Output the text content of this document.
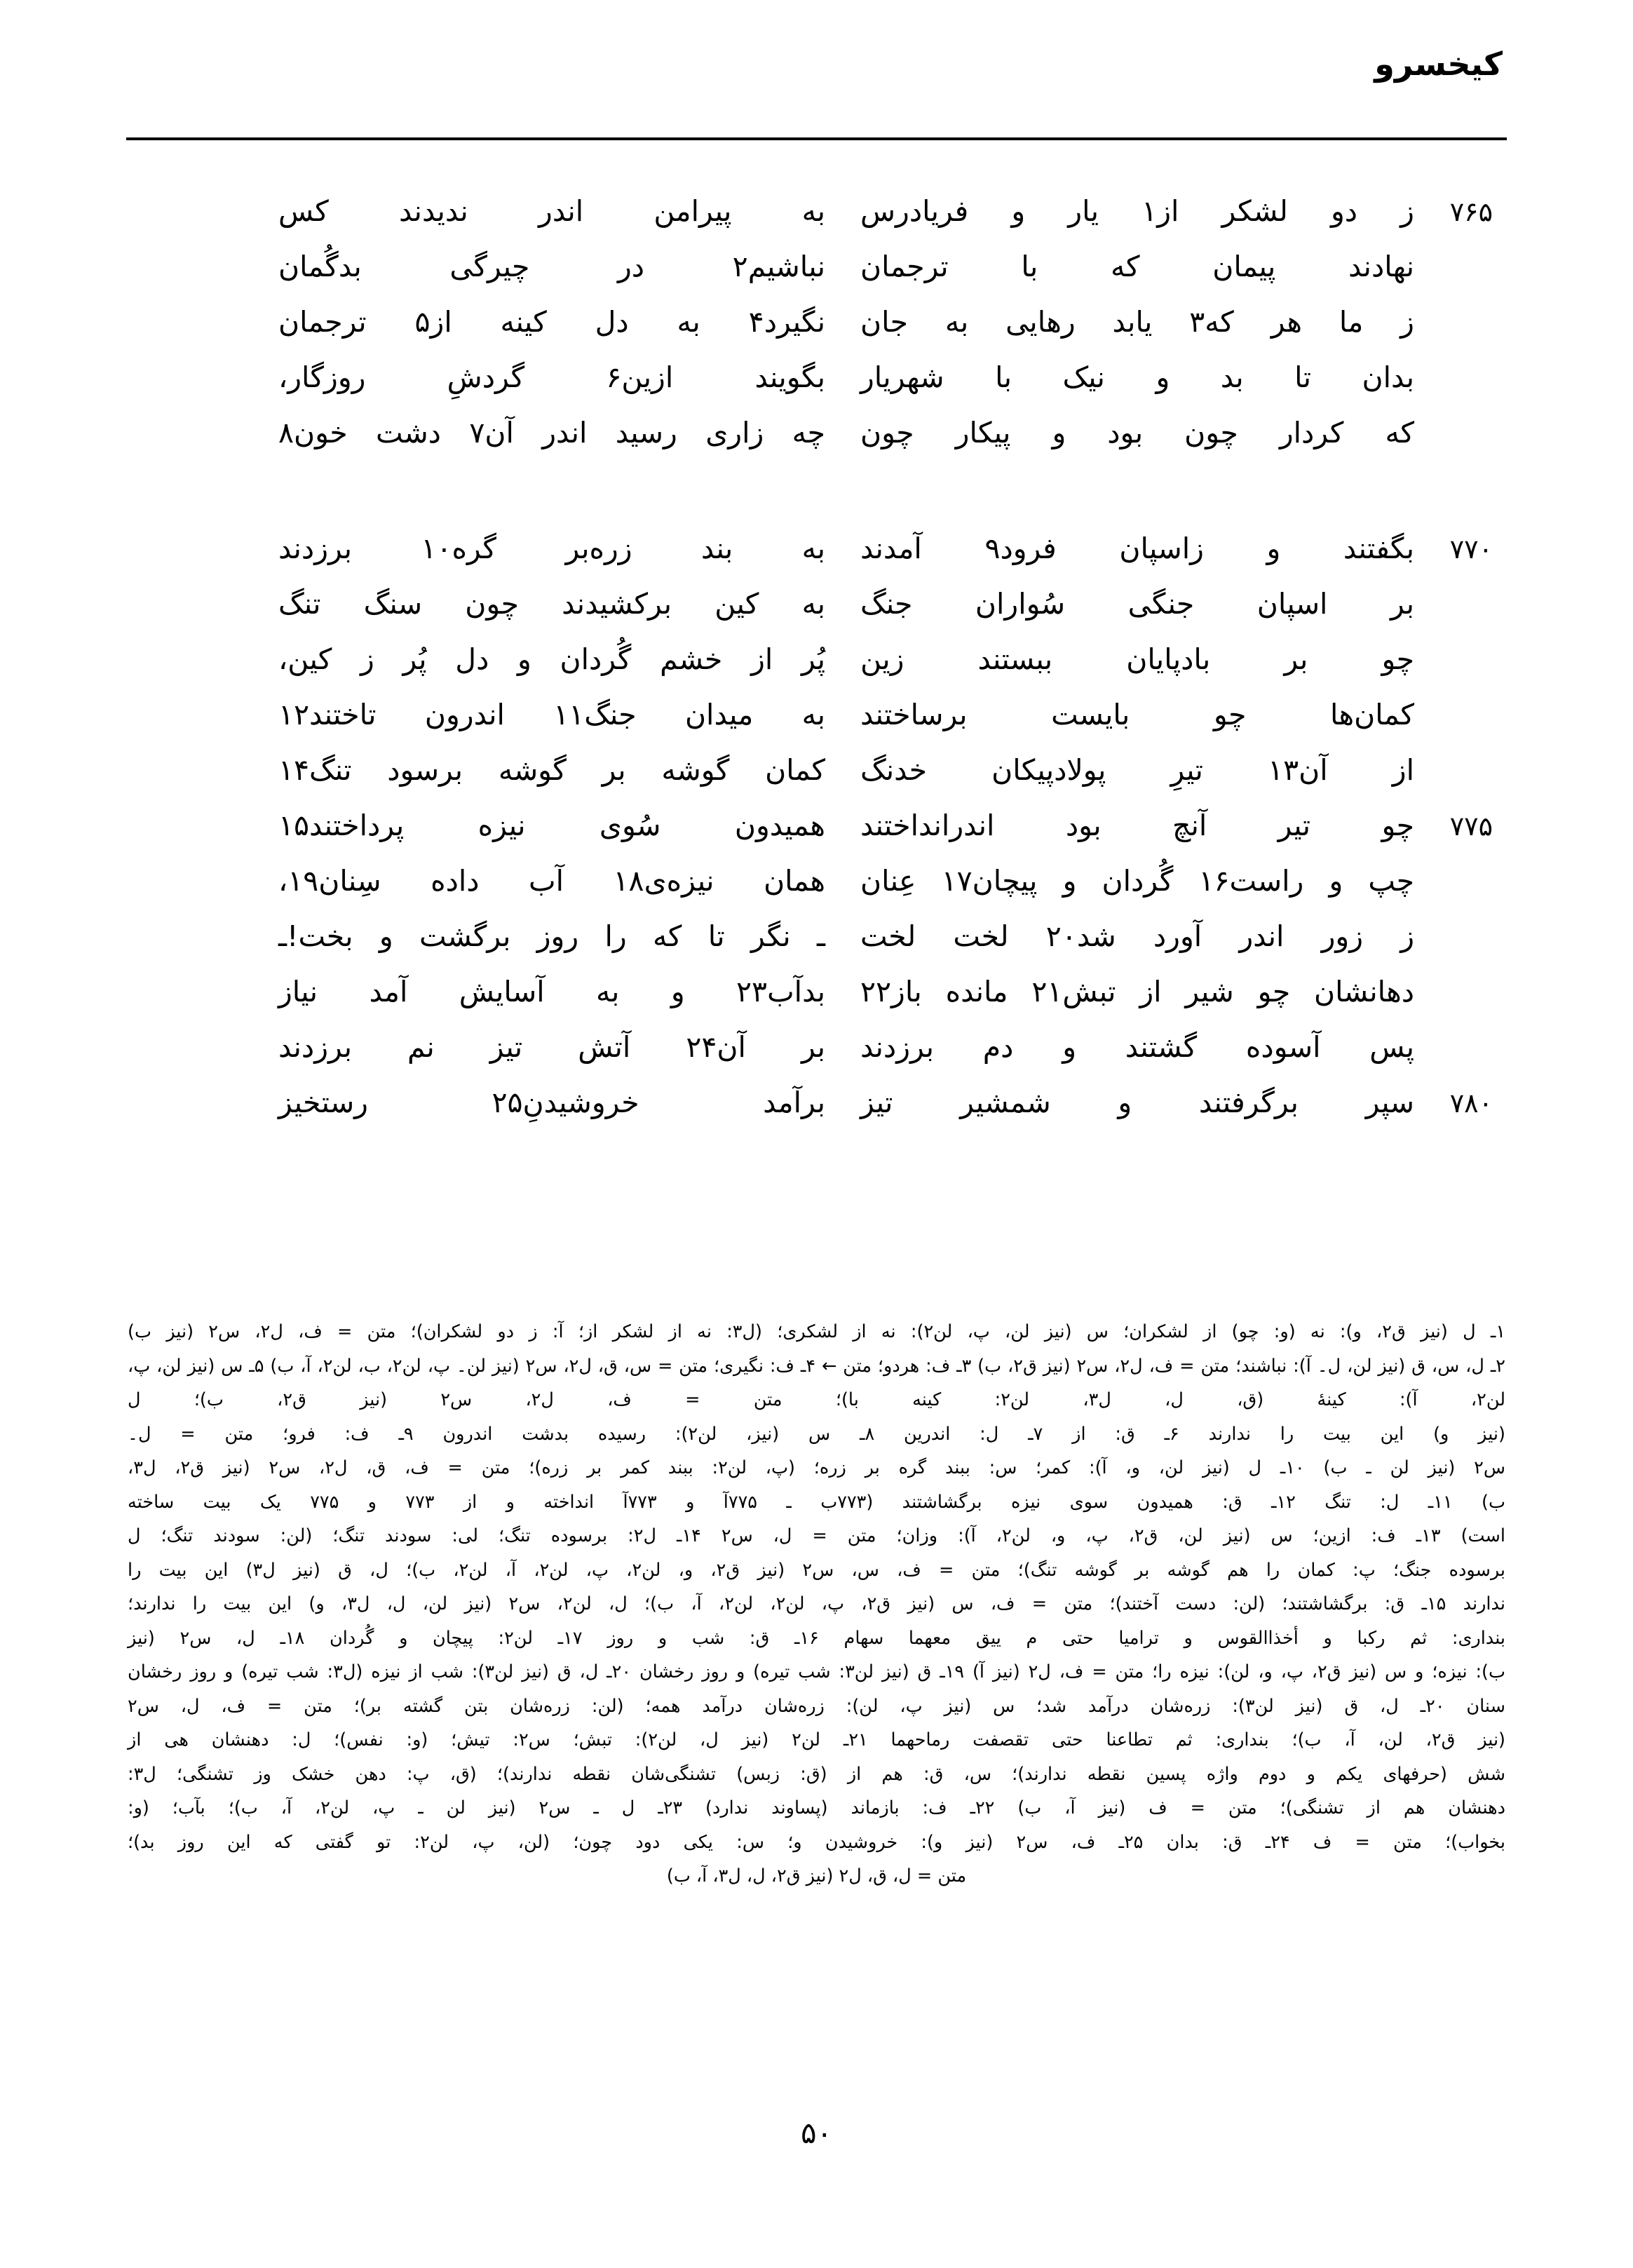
کیخسرو
۷۶۵
ز دو لشکر از۱ یار و فریادرس
به پیرامن اندر ندیدند کس
نهادند پیمان که با ترجمان
نباشیم۲ در چیرگی بدگُمان
ز ما هر که۳ یابد رهایی به جان
نگیرد۴ به دل کینه از۵ ترجمان
بدان تا بد و نیک با شهریار
بگویند ازین۶ گردشِ روزگار،
که کردار چون بود و پیکار چون
چه زاری رسید اندر آن۷ دشت خون۸
۷۷۰
بگفتند و زاسپان فرود۹ آمدند
به بند زره‌بر گره۱۰ برزدند
بر اسپان جنگی سُواران جنگ
به کین برکشیدند چون سنگ تنگ
چو بر بادپایان ببستند زین
پُر از خشم گُردان و دل پُر ز کین،
کمان‌ها چو بایست برساختند
به میدان جنگ۱۱ اندرون تاختند۱۲
از آن۱۳ تیرِ پولادپیکان خدنگ
کمان گوشه بر گوشه برسود تنگ۱۴
۷۷۵
چو تیر آنچ بود اندرانداختند
همیدون سُوی نیزه پرداختند۱۵
چپ و راست۱۶ گُردان و پیچان۱۷ عِنان
همان نیزه‌ی۱۸ آب داده سِنان۱۹،
ز زور اندر آورد شد۲۰ لخت لخت
ـ نگر تا که را روز برگشت و بخت!ـ
دهانشان چو شیر از تبش۲۱ مانده باز۲۲
بدآب۲۳ و به آسایش آمد نیاز
پس آسوده گشتند و دم برزدند
بر آن۲۴ آتش تیز نم برزدند
۷۸۰
سپر برگرفتند و شمشیر تیز
برآمد خروشیدنِ۲۵ رستخیز

۱ـ ل (نیز ق۲، و): نه (و: چو) از لشکران؛ س (نیز لن، پ، لن۲): نه از لشکری؛ (ل۳: نه از لشکر از؛ آ: ز دو لشکران)؛ متن = ف، ل۲، س۲ (نیز ب)

۲ـ ل، س، ق (نیز لن، ل۔ آ): نباشند؛ متن = ف، ل۲، س۲ (نیز ق۲، ب) ۳ـ ف: هردو؛ متن ← ۴ـ ف: نگیری؛ متن = س، ق، ل۲، س۲ (نیز لن۔ پ، لن۲، ب، لن۲، آ، ب) ۵ـ س (نیز لن، پ، لن۲، آ): کینۀ (ق، ل، ل۳، لن۲: کینه با)؛ متن = ف، ل۲، س۲ (نیز ق۲، ب)؛ ل

(نیز و) این بیت را ندارند ۶ـ ق: از ۷ـ ل: اندرین ۸ـ س (نیز، لن۲): رسیده بدشت اندرون ۹ـ ف: فرو؛ متن = ل۔

س۲ (نیز لن ـ ب) ۱۰ـ ل (نیز لن، و، آ): کمر؛ س: ببند گره بر زره؛ (پ، لن۲: ببند کمر بر زره)؛ متن = ف، ق، ل۲، س۲ (نیز ق۲، ل۳،

ب) ۱۱ـ ل: تنگ ۱۲ـ ق: همیدون سوی نیزه برگشاشتند (۷۷۳ب ـ ۷۷۵آ و ۷۷۳آ انداخته و از ۷۷۳ و ۷۷۵ یک بیت ساخته

است) ۱۳ـ ف: ازین؛ س (نیز لن، ق۲، پ، و، لن۲، آ): وزان؛ متن = ل، س۲ ۱۴ـ ل۲: برسوده تنگ؛ لی: سودند تنگ؛ (لن: سودند تنگ؛ ل

برسوده جنگ؛ پ: کمان را هم گوشه بر گوشه تنگ)؛ متن = ف، س، س۲ (نیز ق۲، و، لن۲، پ، لن۲، آ، لن۲، ب)؛ ل، ق (نیز ل۳) این بیت را

ندارند ۱۵ـ ق: برگشاشتند؛ (لن: دست آختند)؛ متن = ف، س (نیز ق۲، پ، لن۲، لن۲، آ، ب)؛ ل، لن۲، س۲ (نیز لن، ل، ل۳، و) این بیت را ندارند؛

بنداری: ثم رکبا و أخذاالقوس و ترامیا حتی م ییق معهما سهام ۱۶ـ ق: شب و روز ۱۷ـ لن۲: پیچان و گُردان ۱۸ـ ل، س۲ (نیز

ب): نیزه؛ و س (نیز ق۲، پ، و، لن): نیزه را؛ متن = ف، ل۲ (نیز آ) ۱۹ـ ق (نیز لن۳: شب تیره) و روز رخشان ۲۰ـ ل، ق (نیز لن۳): شب از نیزه (ل۳: شب تیره) و روز رخشان

سنان ۲۰ـ ل، ق (نیز لن۳): زره‌شان درآمد شد؛ س (نیز پ، لن): زره‌شان درآمد همه؛ (لن: زره‌شان بتن گشته بر)؛ متن = ف، ل، س۲

(نیز ق۲، لن، آ، ب)؛ بنداری: ثم تطاعنا حتی تقصفت رماحهما ۲۱ـ لن۲ (نیز ل، لن۲): تبش؛ س۲: تیش؛ (و: نفس)؛ ل: دهنشان هی از

شش (حرفهای یکم و دوم واژه پسین نقطه ندارند)؛ س، ق: هم از (ق: زبس) تشنگی‌شان نقطه ندارند)؛ (ق، پ: دهن خشک وز تشنگی؛ ل۳:

دهنشان هم از تشنگی)؛ متن = ف (نیز آ، ب) ۲۲ـ ف: بازماند (پساوند ندارد) ۲۳ـ ل ـ س۲ (نیز لن ـ پ، لن۲، آ، ب)؛ بآب؛ (و:

بخواب)؛ متن = ف ۲۴ـ ق: بدان ۲۵ـ ف، س۲ (نیز و): خروشیدن و؛ س: یکی دود چون؛ (لن، پ، لن۲: تو گفتی که این روز بد)؛

متن = ل، ق، ل۲ (نیز ق۲، ل، ل۳، آ، ب)

۵۰
